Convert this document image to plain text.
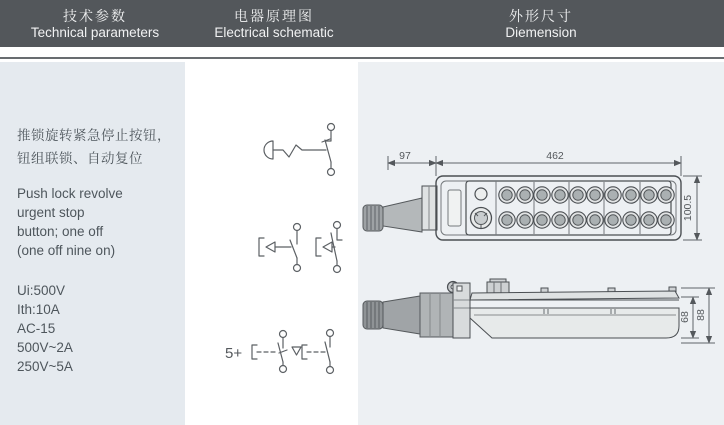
技术参数
Technical parameters
电器原理图
Electrical schematic
外形尺寸
Diemension
推锁旋转紧急停止按钮，
钮组联锁、自动复位
Push lock revolve
urgent stop
button; one off
(one off nine on)
Ui:500V
Ith:10A
AC-15
500V~2A
250V~5A
5+
97	462
100.5
68 88
